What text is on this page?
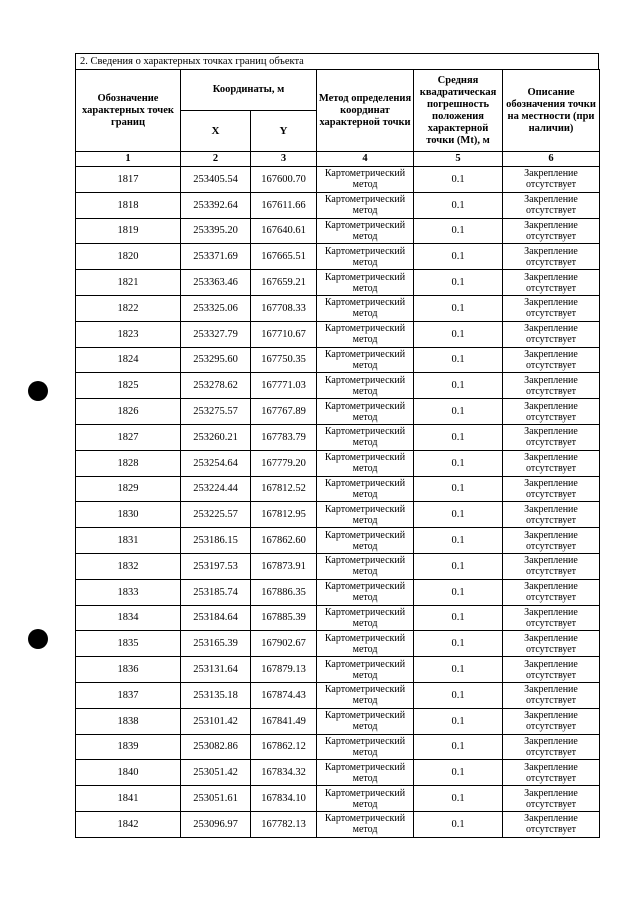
2. Сведения о характерных точках границ объекта
Обозначение характерных точек границ	Координаты, м		Метод определения координат характерной точки	Средняя квадратическая погрешность положения характерной точки (Mt), м	Описание обозначения точки на местности (при наличии)
	X	Y			
1	2	3	4	5	6
1817	253405.54	167600.70	Картометрический метод	0.1	Закрепление отсутствует
1818	253392.64	167611.66	Картометрический метод	0.1	Закрепление отсутствует
1819	253395.20	167640.61	Картометрический метод	0.1	Закрепление отсутствует
1820	253371.69	167665.51	Картометрический метод	0.1	Закрепление отсутствует
1821	253363.46	167659.21	Картометрический метод	0.1	Закрепление отсутствует
1822	253325.06	167708.33	Картометрический метод	0.1	Закрепление отсутствует
1823	253327.79	167710.67	Картометрический метод	0.1	Закрепление отсутствует
1824	253295.60	167750.35	Картометрический метод	0.1	Закрепление отсутствует
1825	253278.62	167771.03	Картометрический метод	0.1	Закрепление отсутствует
1826	253275.57	167767.89	Картометрический метод	0.1	Закрепление отсутствует
1827	253260.21	167783.79	Картометрический метод	0.1	Закрепление отсутствует
1828	253254.64	167779.20	Картометрический метод	0.1	Закрепление отсутствует
1829	253224.44	167812.52	Картометрический метод	0.1	Закрепление отсутствует
1830	253225.57	167812.95	Картометрический метод	0.1	Закрепление отсутствует
1831	253186.15	167862.60	Картометрический метод	0.1	Закрепление отсутствует
1832	253197.53	167873.91	Картометрический метод	0.1	Закрепление отсутствует
1833	253185.74	167886.35	Картометрический метод	0.1	Закрепление отсутствует
1834	253184.64	167885.39	Картометрический метод	0.1	Закрепление отсутствует
1835	253165.39	167902.67	Картометрический метод	0.1	Закрепление отсутствует
1836	253131.64	167879.13	Картометрический метод	0.1	Закрепление отсутствует
1837	253135.18	167874.43	Картометрический метод	0.1	Закрепление отсутствует
1838	253101.42	167841.49	Картометрический метод	0.1	Закрепление отсутствует
1839	253082.86	167862.12	Картометрический метод	0.1	Закрепление отсутствует
1840	253051.42	167834.32	Картометрический метод	0.1	Закрепление отсутствует
1841	253051.61	167834.10	Картометрический метод	0.1	Закрепление отсутствует
1842	253096.97	167782.13	Картометрический метод	0.1	Закрепление отсутствует
